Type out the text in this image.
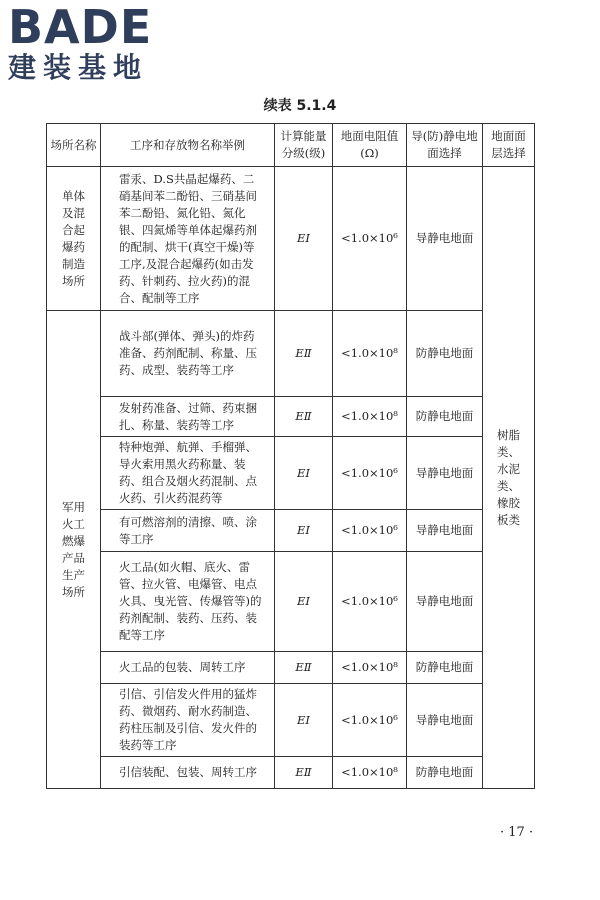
BADE
建装基地
续表 5.1.4
场所名称	工序和存放物名称举例	计算能量分级(级)	地面电阻值(Ω)	导(防)静电地面选择	地面面层选择
单体及混合起爆药制造场所	雷汞、D.S共晶起爆药、二硝基间苯二酚铅、三硝基间苯二酚铅、氮化铅、氮化银、四氮烯等单体起爆药剂的配制、烘干(真空干燥)等工序,及混合起爆药(如击发药、针刺药、拉火药)的混合、配制等工序	EⅠ	<1.0×10⁶	导静电地面	树脂类、水泥类、橡胶板类
军用火工燃爆产品生产场所	战斗部(弹体、弹头)的炸药准备、药剂配制、称量、压药、成型、装药等工序	EⅡ	<1.0×10⁸	防静电地面	
	发射药准备、过筛、药束捆扎、称量、装药等工序	EⅡ	<1.0×10⁸	防静电地面	
	特种炮弹、航弹、手榴弹、导火索用黑火药称量、装药、组合及烟火药混制、点火药、引火药混药等	EⅠ	<1.0×10⁶	导静电地面	
	有可燃溶剂的清擦、喷、涂等工序	EⅠ	<1.0×10⁶	导静电地面	
	火工品(如火帽、底火、雷管、拉火管、电爆管、电点火具、曳光管、传爆管等)的药剂配制、装药、压药、装配等工序	EⅠ	<1.0×10⁶	导静电地面	
	火工品的包装、周转工序	EⅡ	<1.0×10⁸	防静电地面	
	引信、引信发火件用的猛炸药、微烟药、耐水药制造、药柱压制及引信、发火件的装药等工序	EⅠ	<1.0×10⁶	导静电地面	
	引信装配、包装、周转工序	EⅡ	<1.0×10⁸	防静电地面	
· 17 ·
